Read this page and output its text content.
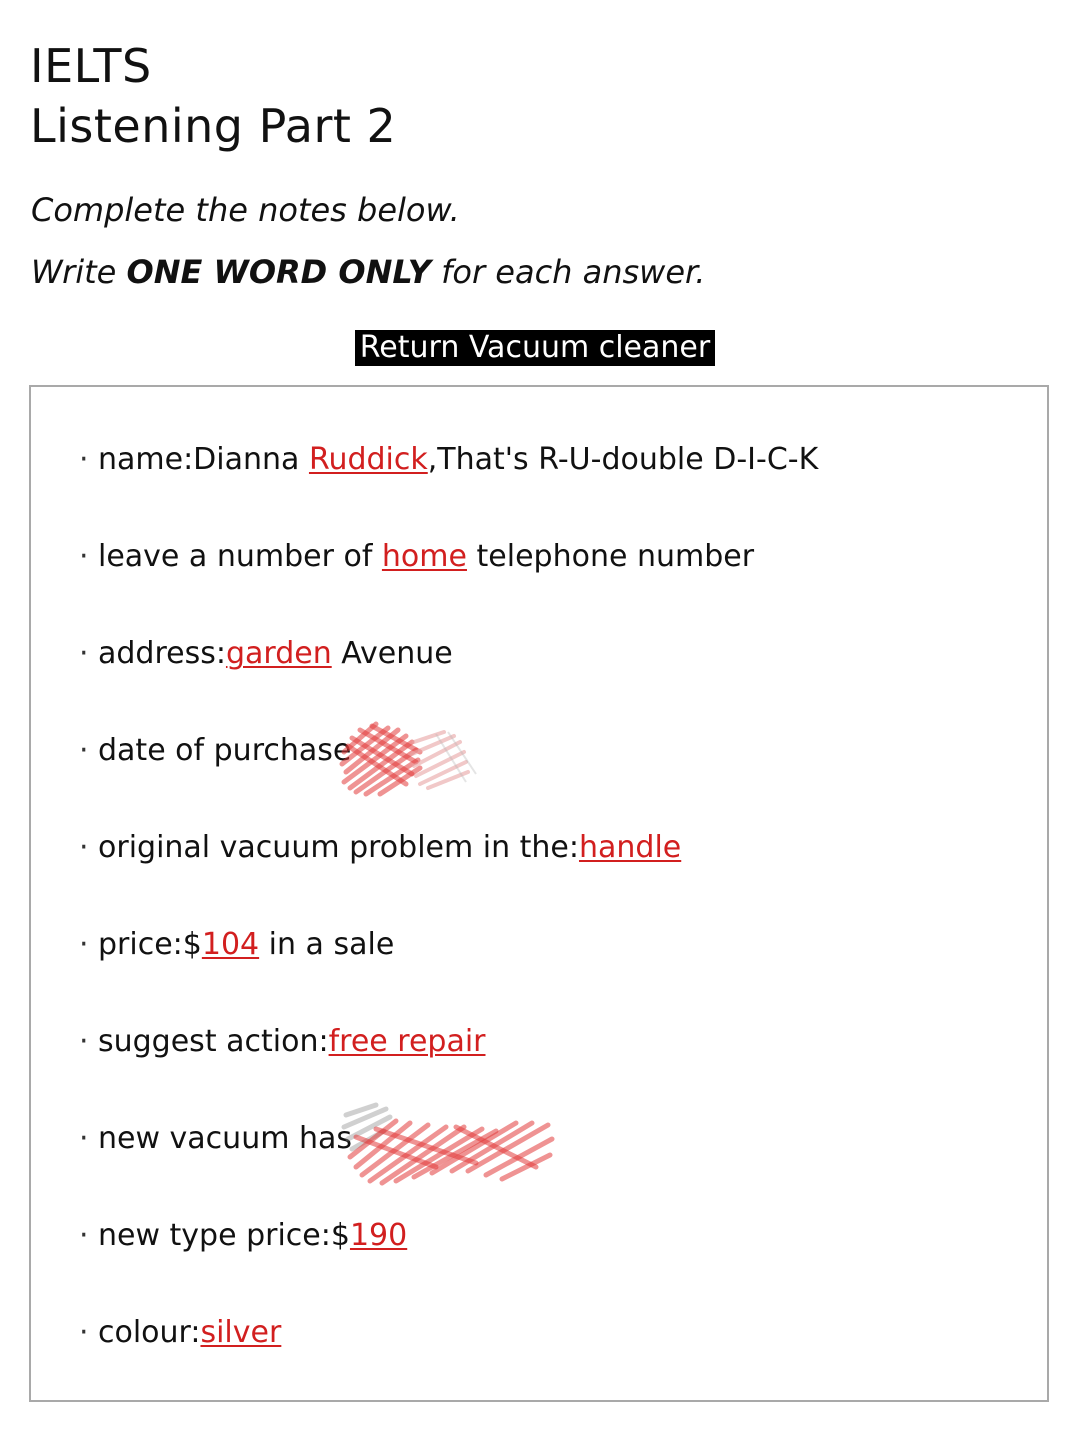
IELTS
Listening Part 2

Complete the notes below.

Write ONE WORD ONLY for each answer.

Return Vacuum cleaner
· name:Dianna Ruddick,That's R-U-double D-I-C-K
· leave a number of home telephone number
· address:garden Avenue
· date of purchase
· original vacuum problem in the:handle
· price:$104 in a sale
· suggest action:free repair
· new vacuum has
· new type price:$190
· colour:silver
